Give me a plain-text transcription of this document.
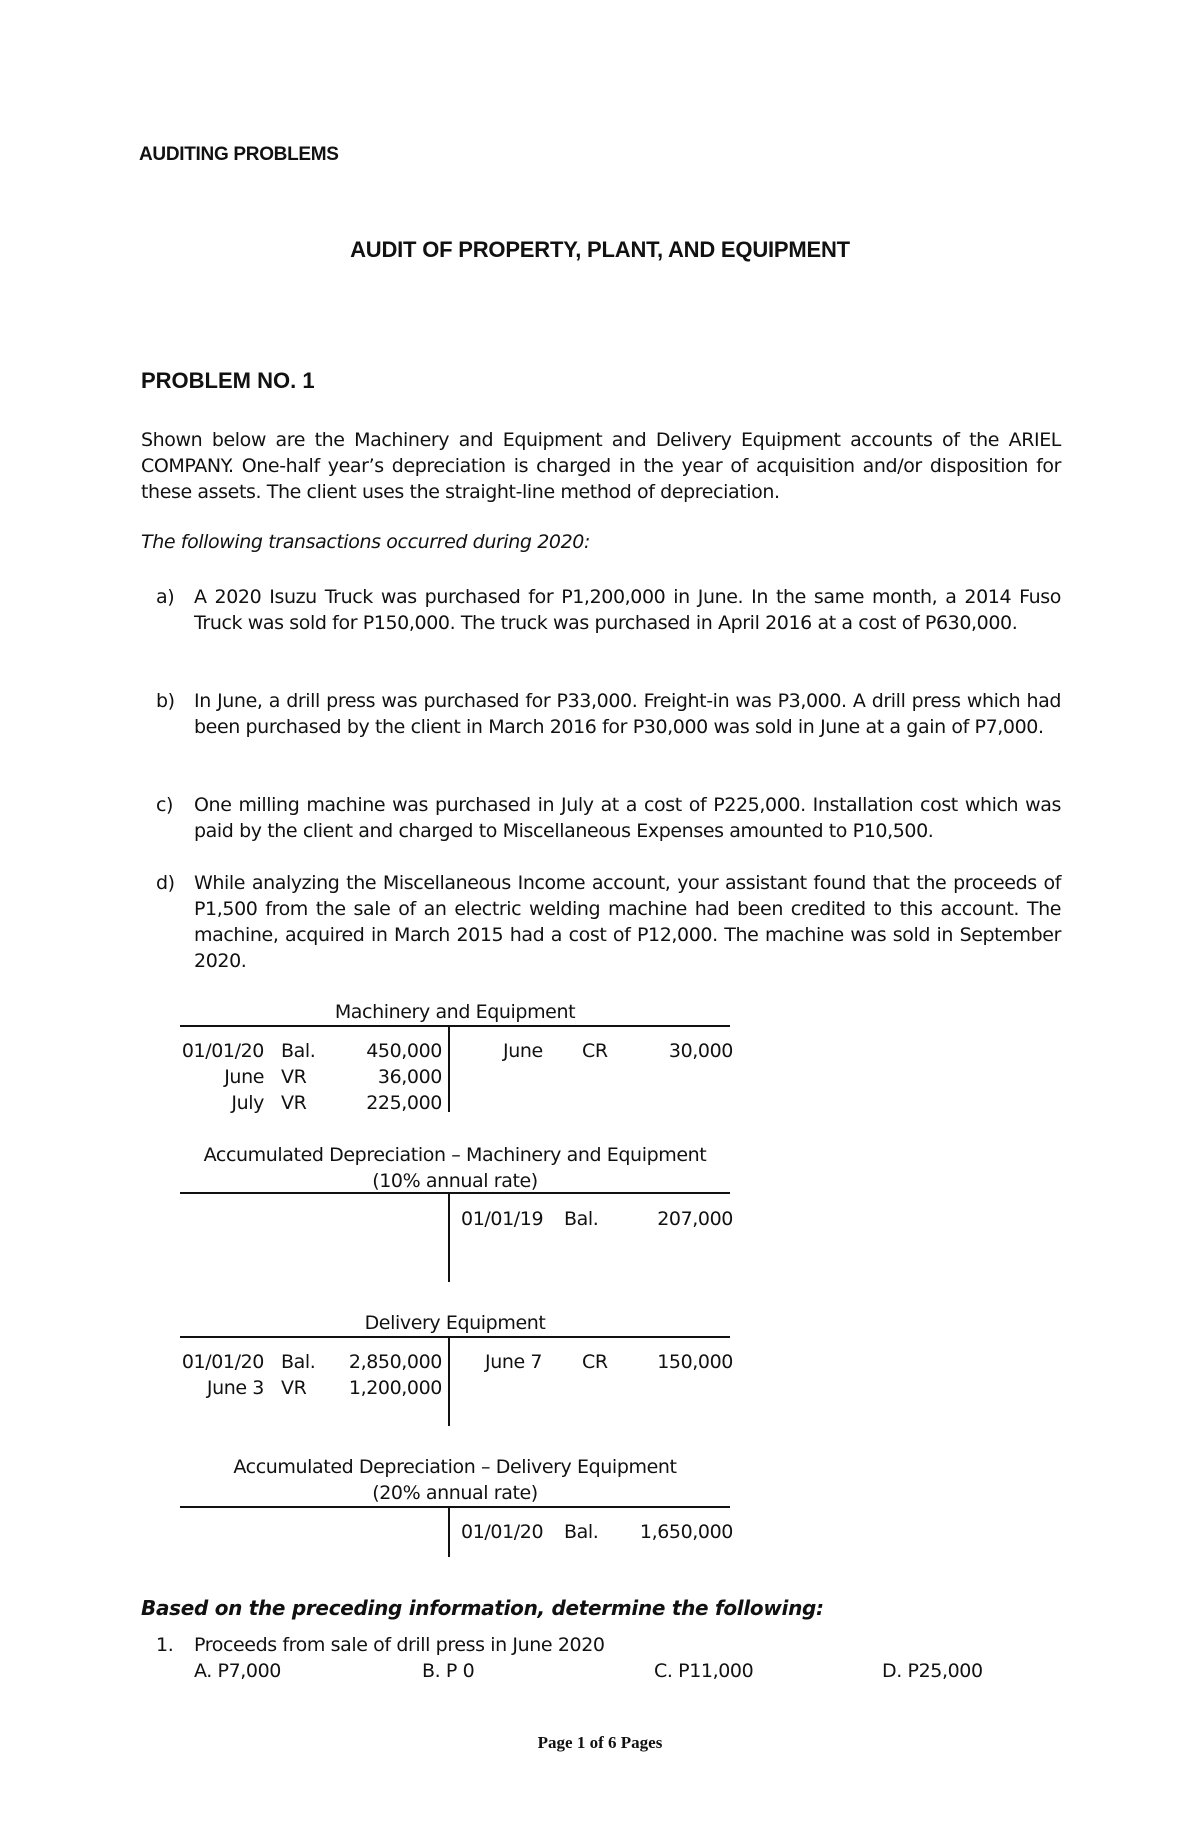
AUDITING PROBLEMS
AUDIT OF PROPERTY, PLANT, AND EQUIPMENT
PROBLEM NO. 1
Shown below are the Machinery and Equipment and Delivery Equipment accounts of the ARIEL COMPANY. One-half year’s depreciation is charged in the year of acquisition and/or disposition for these assets. The client uses the straight-line method of depreciation.
The following transactions occurred during 2020:
a) A 2020 Isuzu Truck was purchased for P1,200,000 in June. In the same month, a 2014 Fuso Truck was sold for P150,000. The truck was purchased in April 2016 at a cost of P630,000.
b) In June, a drill press was purchased for P33,000. Freight-in was P3,000. A drill press which had been purchased by the client in March 2016 for P30,000 was sold in June at a gain of P7,000.
c) One milling machine was purchased in July at a cost of P225,000. Installation cost which was paid by the client and charged to Miscellaneous Expenses amounted to P10,500.
d) While analyzing the Miscellaneous Income account, your assistant found that the proceeds of P1,500 from the sale of an electric welding machine had been credited to this account. The machine, acquired in March 2015 had a cost of P12,000. The machine was sold in September 2020.
Machinery and Equipment
01/01/20 Bal.	450,000
June VR	36,000
July VR	225,000
June CR	30,000
Accumulated Depreciation – Machinery and Equipment
(10% annual rate)
01/01/19 Bal.	207,000
Delivery Equipment
01/01/20 Bal.	2,850,000
June 3 VR	1,200,000
June 7 CR	150,000
Accumulated Depreciation – Delivery Equipment
(20% annual rate)
01/01/20 Bal.	1,650,000
Based on the preceding information, determine the following:
1. Proceeds from sale of drill press in June 2020
A. P7,000	B. P 0	C. P11,000	D. P25,000
Page 1 of 6 Pages
